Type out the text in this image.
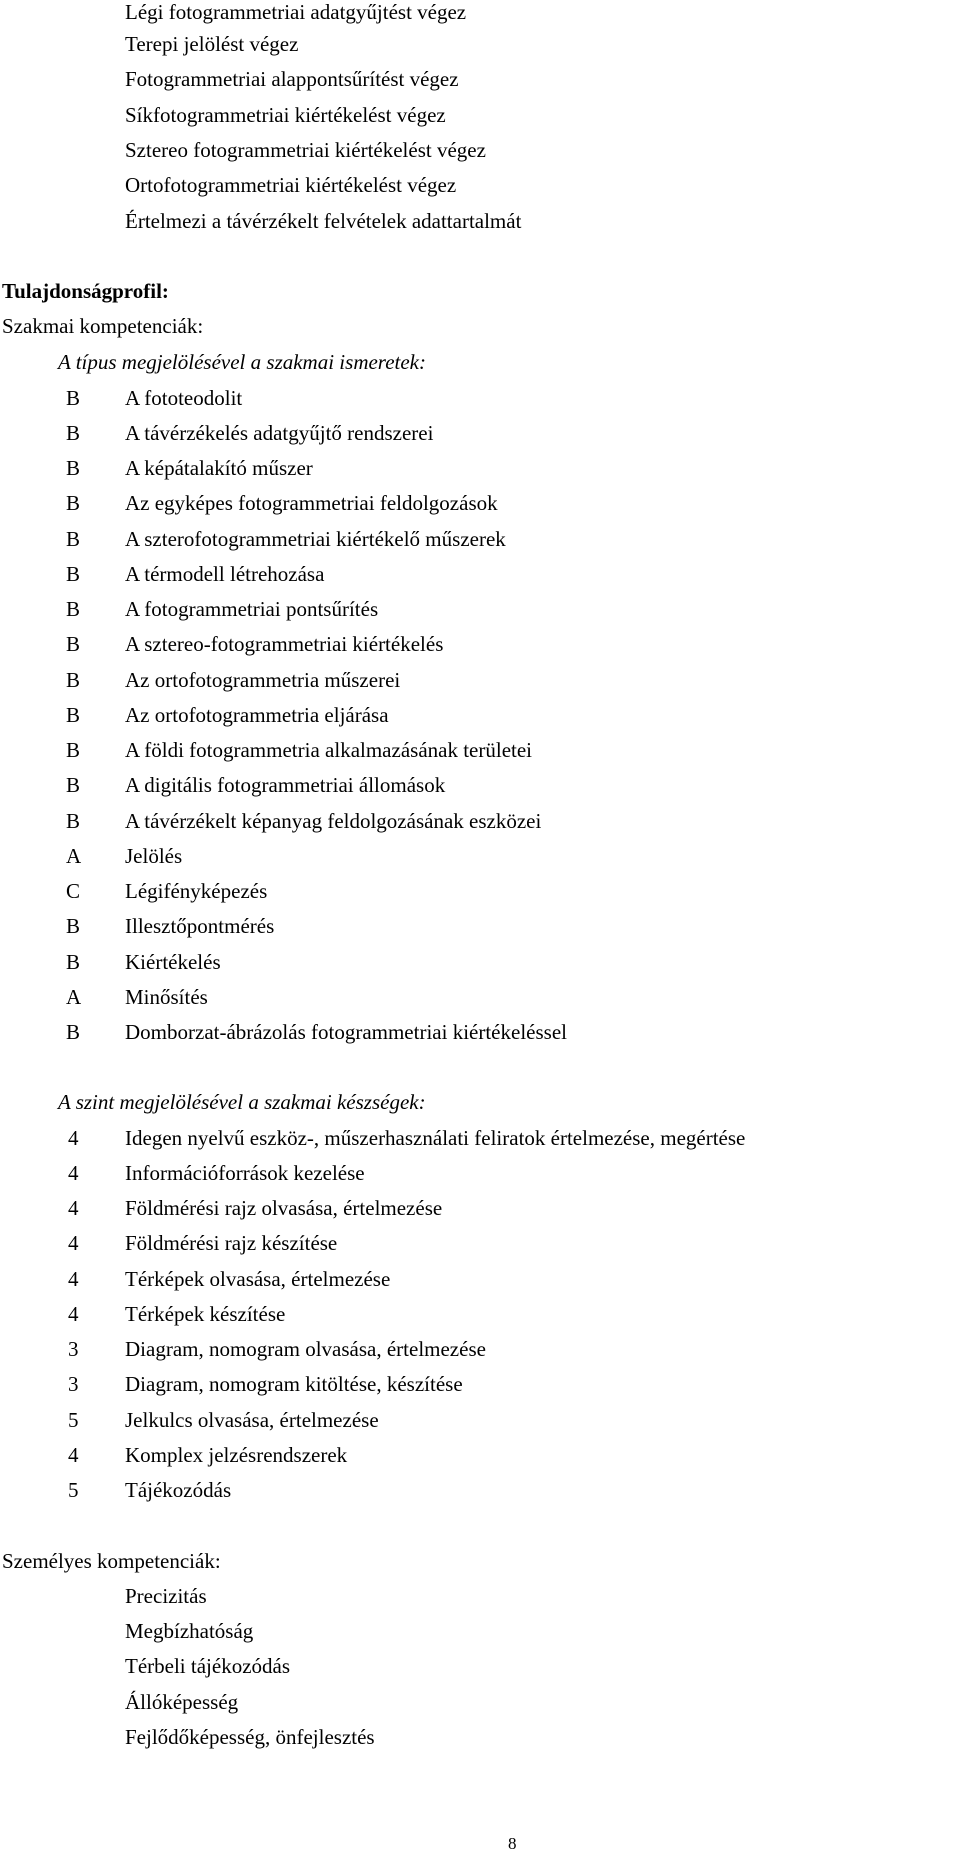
Légi fotogrammetriai adatgyűjtést végez
Terepi jelölést végez
Fotogrammetriai alappontsűrítést végez
Síkfotogrammetriai kiértékelést végez
Sztereo fotogrammetriai kiértékelést végez
Ortofotogrammetriai kiértékelést végez
Értelmezi a távérzékelt felvételek adattartalmát
Tulajdonságprofil:
Szakmai kompetenciák:
A típus megjelölésével a szakmai ismeretek:
B A fototeodolit
B A távérzékelés adatgyűjtő rendszerei
B A képátalakító műszer
B Az egyképes fotogrammetriai feldolgozások
B A szterofotogrammetriai kiértékelő műszerek
B A térmodell létrehozása
B A fotogrammetriai pontsűrítés
B A sztereo-fotogrammetriai kiértékelés
B Az ortofotogrammetria műszerei
B Az ortofotogrammetria eljárása
B A földi fotogrammetria alkalmazásának területei
B A digitális fotogrammetriai állomások
B A távérzékelt képanyag feldolgozásának eszközei
A Jelölés
C Légifényképezés
B Illesztőpontmérés
B Kiértékelés
A Minősítés
B Domborzat-ábrázolás fotogrammetriai kiértékeléssel
A szint megjelölésével a szakmai készségek:
4 Idegen nyelvű eszköz-, műszerhasználati feliratok értelmezése, megértése
4 Információforrások kezelése
4 Földmérési rajz olvasása, értelmezése
4 Földmérési rajz készítése
4 Térképek olvasása, értelmezése
4 Térképek készítése
3 Diagram, nomogram olvasása, értelmezése
3 Diagram, nomogram kitöltése, készítése
5 Jelkulcs olvasása, értelmezése
4 Komplex jelzésrendszerek
5 Tájékozódás
Személyes kompetenciák:
Precizitás
Megbízhatóság
Térbeli tájékozódás
Állóképesség
Fejlődőképesség, önfejlesztés
8
